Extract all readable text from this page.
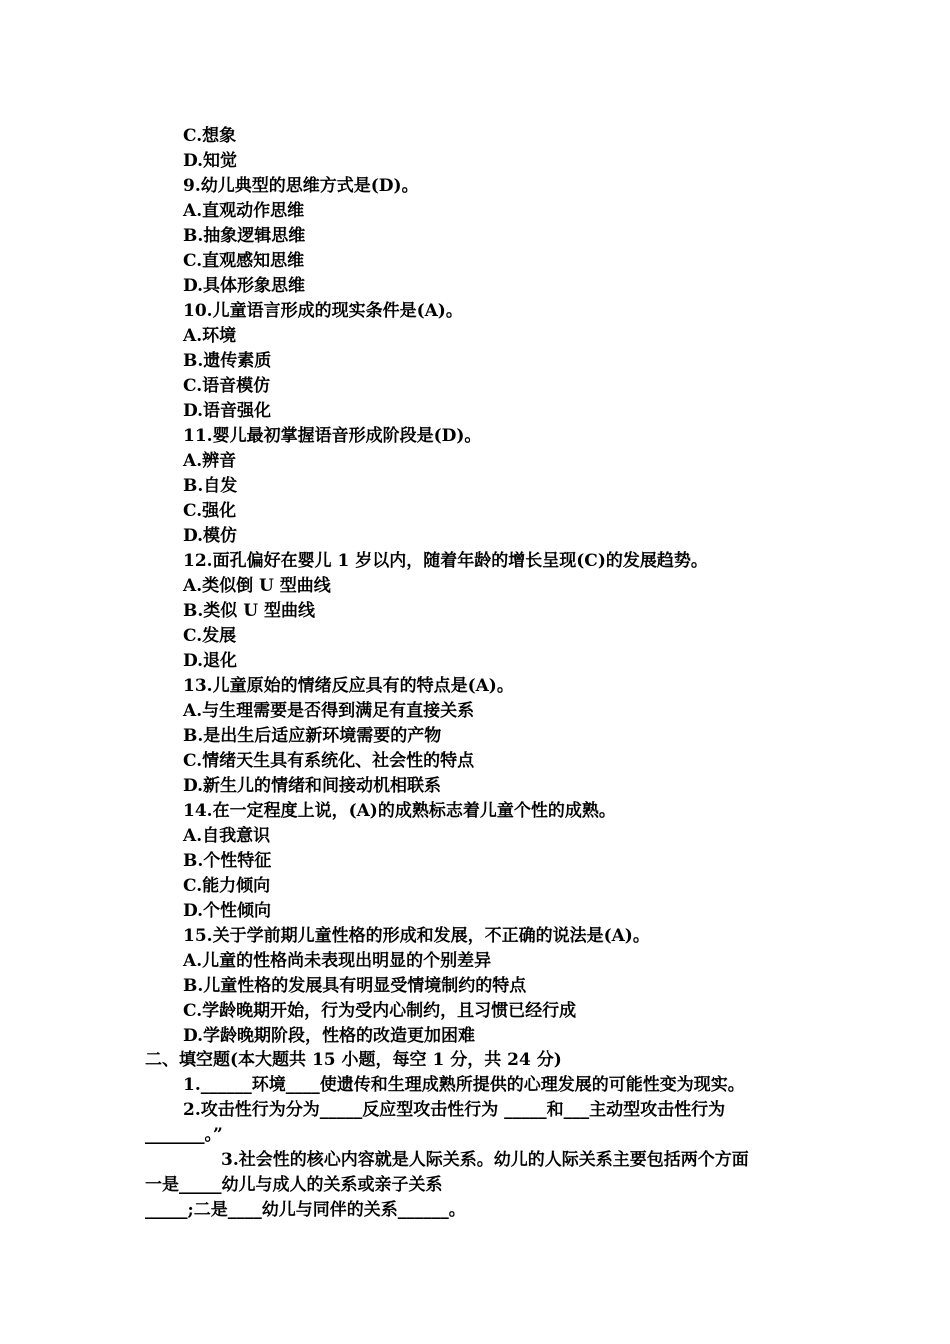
C.想象
D.知觉
9.幼儿典型的思维方式是(D)。
A.直观动作思维
B.抽象逻辑思维
C.直观感知思维
D.具体形象思维
10.儿童语言形成的现实条件是(A)。
A.环境
B.遗传素质
C.语音模仿
D.语音强化
11.婴儿最初掌握语音形成阶段是(D)。
A.辨音
B.自发
C.强化
D.模仿
12.面孔偏好在婴儿 1 岁以内，随着年龄的增长呈现(C)的发展趋势。
A.类似倒 U 型曲线
B.类似 U 型曲线
C.发展
D.退化
13.儿童原始的情绪反应具有的特点是(A)。
A.与生理需要是否得到满足有直接关系
B.是出生后适应新环境需要的产物
C.情绪天生具有系统化、社会性的特点
D.新生儿的情绪和间接动机相联系
14.在一定程度上说，(A)的成熟标志着儿童个性的成熟。
A.自我意识
B.个性特征
C.能力倾向
D.个性倾向
15.关于学前期儿童性格的形成和发展，不正确的说法是(A)。
A.儿童的性格尚未表现出明显的个别差异
B.儿童性格的发展具有明显受情境制约的特点
C.学龄晚期开始，行为受内心制约，且习惯已经行成
D.学龄晚期阶段，性格的改造更加困难
二、填空题(本大题共 15 小题，每空 1 分，共 24 分)
1.______环境____使遗传和生理成熟所提供的心理发展的可能性变为现实。
2.攻击性行为分为_____反应型攻击性行为 _____和___主动型攻击性行为
_______。”
3.社会性的核心内容就是人际关系。幼儿的人际关系主要包括两个方面
一是_____幼儿与成人的关系或亲子关系
_____;二是____幼儿与同伴的关系______。
